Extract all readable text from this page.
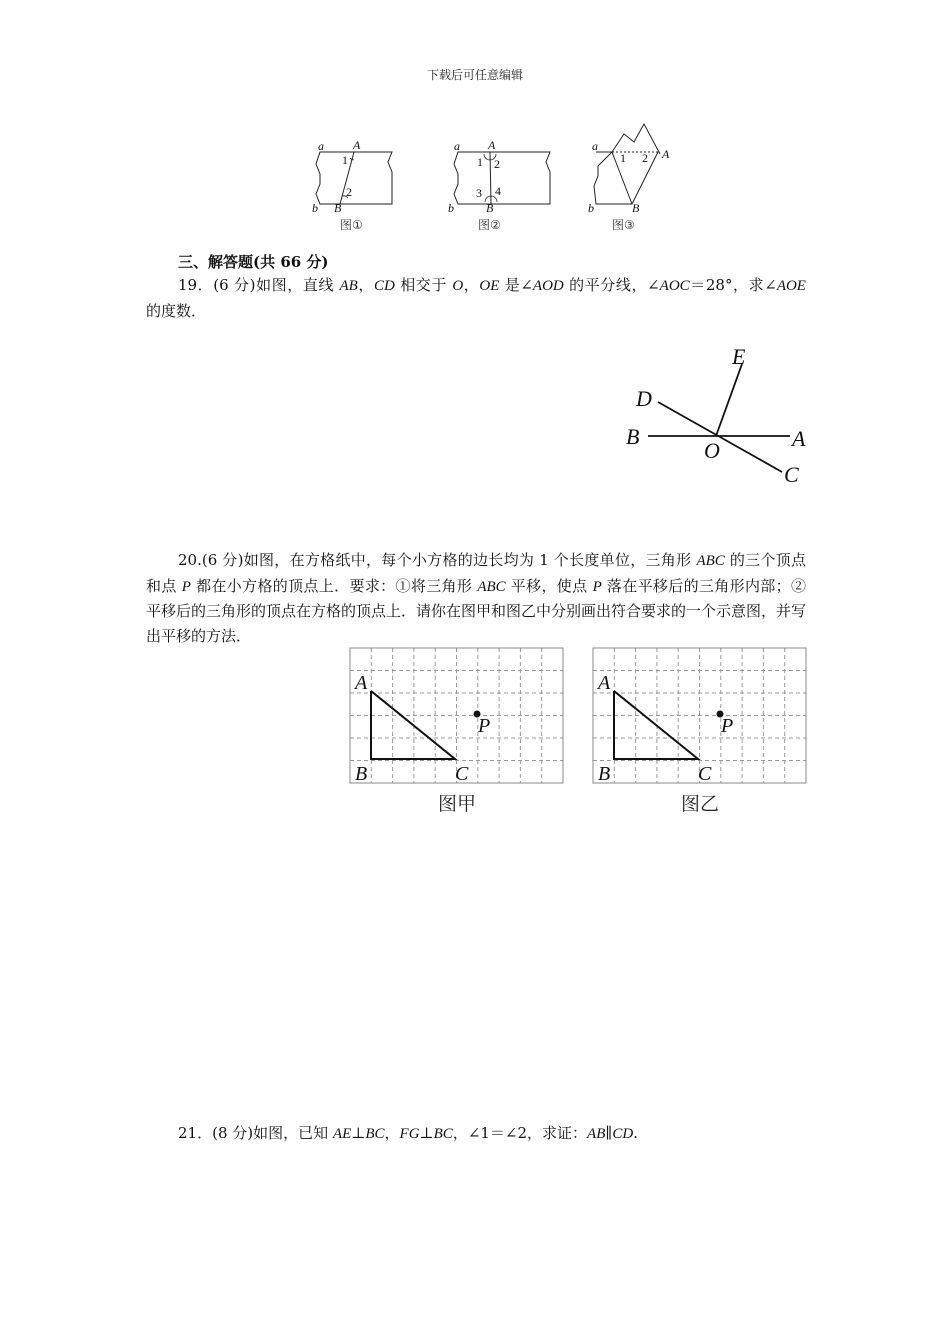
下载后可任意编辑
a A
1
2
b B
图①
a A
1 2
3 4
b	B
图②
a
A
1 2
b	B
图③
三、解答题(共 66 分)
19．(6 分)如图，直线 AB，CD 相交于 O，OE 是∠AOD 的平分线，∠AOC＝28°，求∠AOE 的度数．
E
D
B
O	A
C
20.(6 分)如图，在方格纸中，每个小方格的边长均为 1 个长度单位，三角形 ABC 的三个顶点和点 P 都在小方格的顶点上．要求：①将三角形 ABC 平移，使点 P 落在平移后的三角形内部；②平移后的三角形的顶点在方格的顶点上．请你在图甲和图乙中分别画出符合要求的一个示意图，并写出平移的方法．
A
B	C
P
图甲
A
B	C
P
图乙
21．(8 分)如图，已知 AE⊥BC，FG⊥BC，∠1＝∠2，求证：AB∥CD.
